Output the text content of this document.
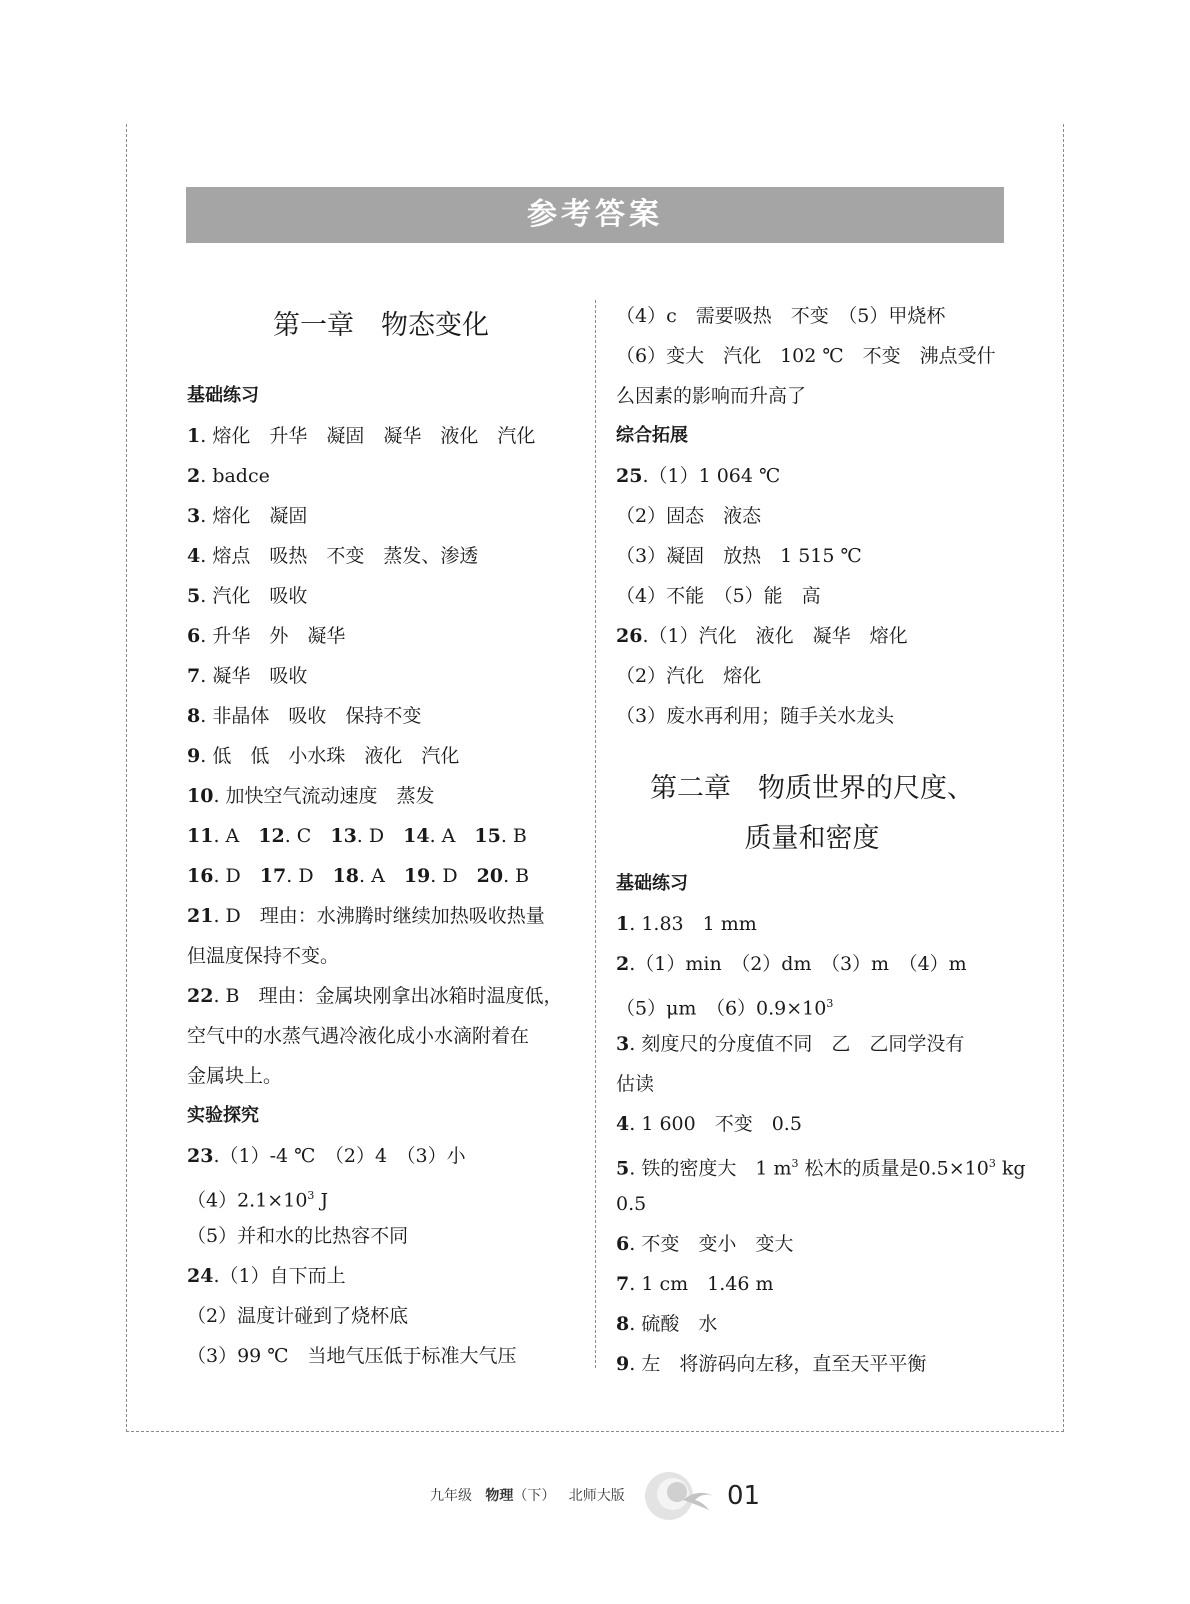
参考答案
第一章　物态变化
基础练习
1. 熔化　升华　凝固　凝华　液化　汽化
2. badce
3. 熔化　凝固
4. 熔点　吸热　不变　蒸发、渗透
5. 汽化　吸收
6. 升华　外　凝华
7. 凝华　吸收
8. 非晶体　吸收　保持不变
9. 低　低　小水珠　液化　汽化
10. 加快空气流动速度　蒸发
11. A　12. C　13. D　14. A　15. B
16. D　17. D　18. A　19. D　20. B
21. D　理由：水沸腾时继续加热吸收热量
但温度保持不变。
22. B　理由：金属块刚拿出冰箱时温度低，
空气中的水蒸气遇冷液化成小水滴附着在
金属块上。
实验探究
23.（1）-4 ℃　（2）4　（3）小
$(4)2.1\times 10^3$ J
（5）并和水的比热容不同
24.（1）自下而上
（2）温度计碰到了烧杯底
（3）99 ℃　当地气压低于标准大气压
（4）c　需要吸热　不变　（5）甲烧杯
（6）变大　汽化　102 ℃　不变　沸点受什
么因素的影响而升高了
综合拓展
25.（1）1 064 ℃
（2）固态　液态
（3）凝固　放热　1 515 ℃
（4）不能　（5）能　高
26.（1）汽化　液化　凝华　熔化
（2）汽化　熔化
（3）废水再利用；随手关水龙头
第二章　物质世界的尺度、
质量和密度
基础练习
1. 1.83　1 mm
2.（1）min　（2）dm　（3）m　（4）m
（5）μm　$(6)0.9\times 10^3$
3. 刻度尺的分度值不同　乙　乙同学没有
估读
4. 1 600　不变　0.5
5. 铁的密度大　1 $m^3$ 松木的质量是$0.5\times 10^3$ kg
0.5
6. 不变　变小　变大
7. 1 cm　1.46 m
8. 硫酸　水
9. 左　将游码向左移，直至天平平衡
九年级 物理（下） 北师大版	01
